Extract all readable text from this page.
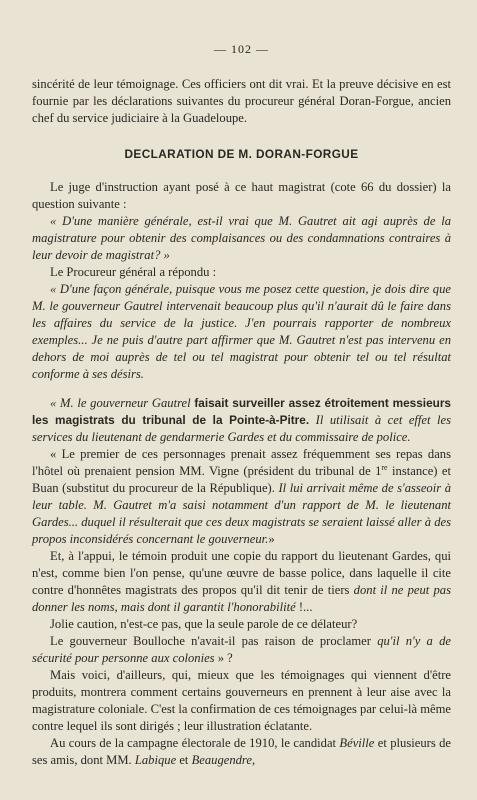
— 102 —

sincérité de leur témoignage. Ces officiers ont dit vrai. Et la preuve décisive en est fournie par les déclarations suivantes du procureur général Doran-Forgue, ancien chef du service judiciaire à la Guadeloupe.

DECLARATION DE M. DORAN-FORGUE

Le juge d'instruction ayant posé à ce haut magistrat (cote 66 du dossier) la question suivante :

« D'une manière générale, est-il vrai que M. Gautret ait agi auprès de la magistrature pour obtenir des complaisances ou des condamnations contraires à leur devoir de magistrat? »

Le Procureur général a répondu :

« D'une façon générale, puisque vous me posez cette question, je dois dire que M. le gouverneur Gautrel intervenait beaucoup plus qu'il n'aurait dû le faire dans les affaires du service de la justice. J'en pourrais rapporter de nombreux exemples... Je ne puis d'autre part affirmer que M. Gautret n'est pas intervenu en dehors de moi auprès de tel ou tel magistrat pour obtenir tel ou tel résultat conforme à ses désirs.

« M. le gouverneur Gautrel faisait surveiller assez étroitement messieurs les magistrats du tribunal de la Pointe-à-Pitre. Il utilisait à cet effet les services du lieutenant de gendarmerie Gardes et du commissaire de police.

« Le premier de ces personnages prenait assez fréquemment ses repas dans l'hôtel où prenaient pension MM. Vigne (président du tribunal de 1re instance) et Buan (substitut du procureur de la République). Il lui arrivait même de s'asseoir à leur table. M. Gautret m'a saisi notamment d'un rapport de M. le lieutenant Gardes... duquel il résulterait que ces deux magistrats se seraient laissé aller à des propos inconsidérés concernant le gouverneur.»

Et, à l'appui, le témoin produit une copie du rapport du lieutenant Gardes, qui n'est, comme bien l'on pense, qu'une œuvre de basse police, dans laquelle il cite contre d'honnêtes magistrats des propos qu'il dit tenir de tiers dont il ne peut pas donner les noms, mais dont il garantit l'honorabilité !...

Jolie caution, n'est-ce pas, que la seule parole de ce délateur?

Le gouverneur Boulloche n'avait-il pas raison de proclamer qu'il n'y a de sécurité pour personne aux colonies » ?

Mais voici, d'ailleurs, qui, mieux que les témoignages qui viennent d'être produits, montrera comment certains gouverneurs en prennent à leur aise avec la magistrature coloniale. C'est la confirmation de ces témoignages par celui-là même contre lequel ils sont dirigés ; leur illustration éclatante.

Au cours de la campagne électorale de 1910, le candidat Béville et plusieurs de ses amis, dont MM. Labique et Beaugendre,
